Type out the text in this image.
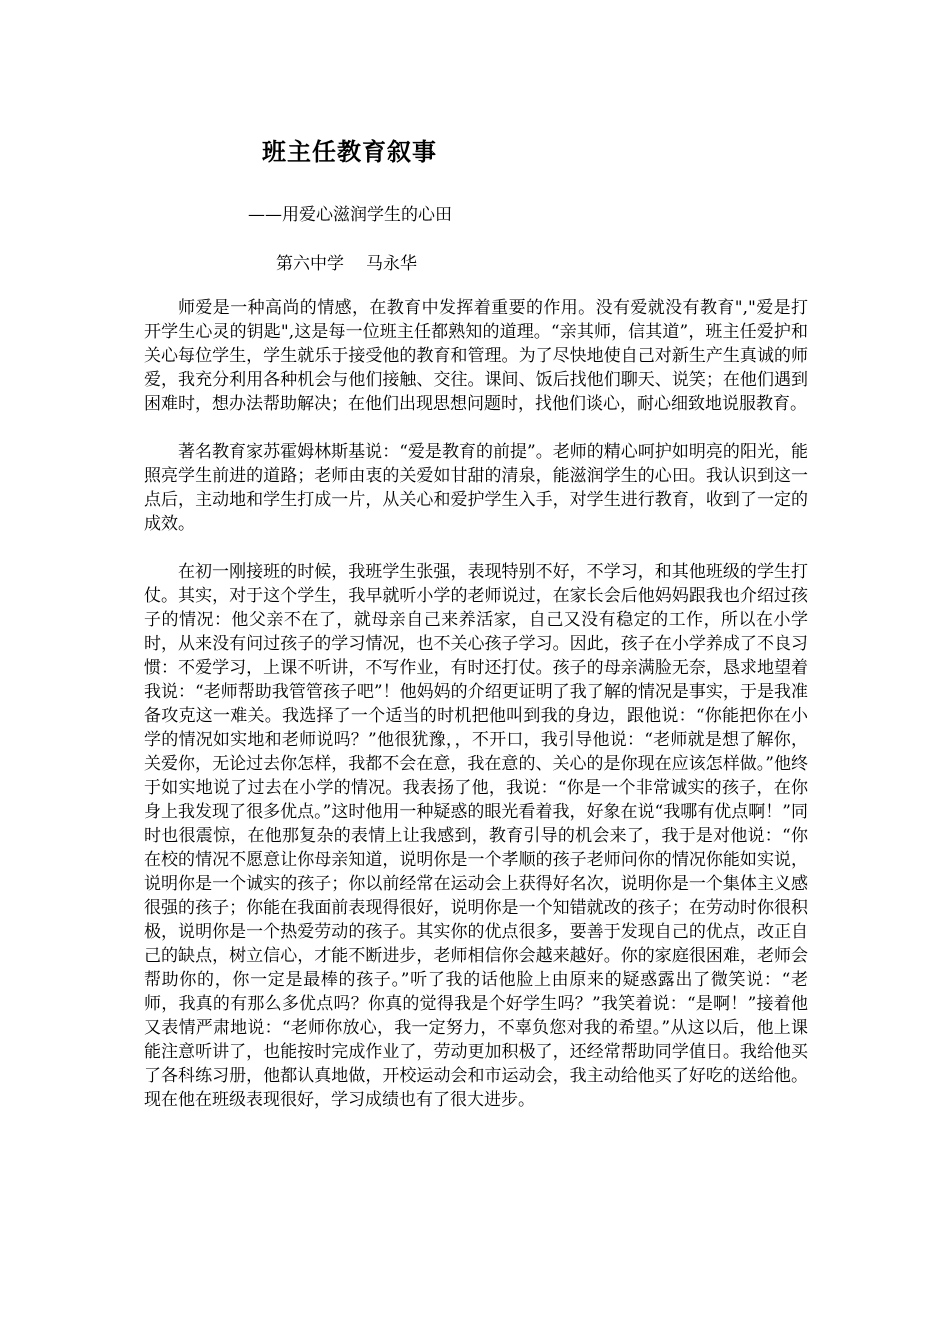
班主任教育叙事
——用爱心滋润学生的心田
第六中学 马永华

师爱是一种高尚的情感，在教育中发挥着重要的作用。没有爱就没有教育","爱是打开学生心灵的钥匙",这是每一位班主任都熟知的道理。“亲其师，信其道”，班主任爱护和关心每位学生，学生就乐于接受他的教育和管理。为了尽快地使自己对新生产生真诚的师爱，我充分利用各种机会与他们接触、交往。课间、饭后找他们聊天、说笑；在他们遇到困难时，想办法帮助解决；在他们出现思想问题时，找他们谈心，耐心细致地说服教育。

著名教育家苏霍姆林斯基说：“爱是教育的前提”。老师的精心呵护如明亮的阳光，能照亮学生前进的道路；老师由衷的关爱如甘甜的清泉，能滋润学生的心田。我认识到这一点后，主动地和学生打成一片，从关心和爱护学生入手，对学生进行教育，收到了一定的成效。

在初一刚接班的时候，我班学生张强，表现特别不好，不学习，和其他班级的学生打仗。其实，对于这个学生，我早就听小学的老师说过，在家长会后他妈妈跟我也介绍过孩子的情况：他父亲不在了，就母亲自己来养活家，自己又没有稳定的工作，所以在小学时，从来没有问过孩子的学习情况，也不关心孩子学习。因此，孩子在小学养成了不良习惯：不爱学习，上课不听讲，不写作业，有时还打仗。孩子的母亲满脸无奈，恳求地望着我说：“老师帮助我管管孩子吧”！他妈妈的介绍更证明了我了解的情况是事实，于是我准备攻克这一难关。我选择了一个适当的时机把他叫到我的身边，跟他说：“你能把你在小学的情况如实地和老师说吗？”他很犹豫，，不开口，我引导他说：“老师就是想了解你，关爱你，无论过去你怎样，我都不会在意，我在意的、关心的是你现在应该怎样做。”他终于如实地说了过去在小学的情况。我表扬了他，我说：“你是一个非常诚实的孩子，在你身上我发现了很多优点。”这时他用一种疑惑的眼光看着我，好象在说“我哪有优点啊！”同时也很震惊，在他那复杂的表情上让我感到，教育引导的机会来了，我于是对他说：“你在校的情况不愿意让你母亲知道，说明你是一个孝顺的孩子老师问你的情况你能如实说，说明你是一个诚实的孩子；你以前经常在运动会上获得好名次，说明你是一个集体主义感很强的孩子；你能在我面前表现得很好，说明你是一个知错就改的孩子；在劳动时你很积极，说明你是一个热爱劳动的孩子。其实你的优点很多，要善于发现自己的优点，改正自己的缺点，树立信心，才能不断进步，老师相信你会越来越好。你的家庭很困难，老师会帮助你的，你一定是最棒的孩子。”听了我的话他脸上由原来的疑惑露出了微笑说：“老师，我真的有那么多优点吗？你真的觉得我是个好学生吗？”我笑着说：“是啊！”接着他又表情严肃地说：“老师你放心，我一定努力，不辜负您对我的希望。”从这以后，他上课能注意听讲了，也能按时完成作业了，劳动更加积极了，还经常帮助同学值日。我给他买了各科练习册，他都认真地做，开校运动会和市运动会，我主动给他买了好吃的送给他。现在他在班级表现很好，学习成绩也有了很大进步。
